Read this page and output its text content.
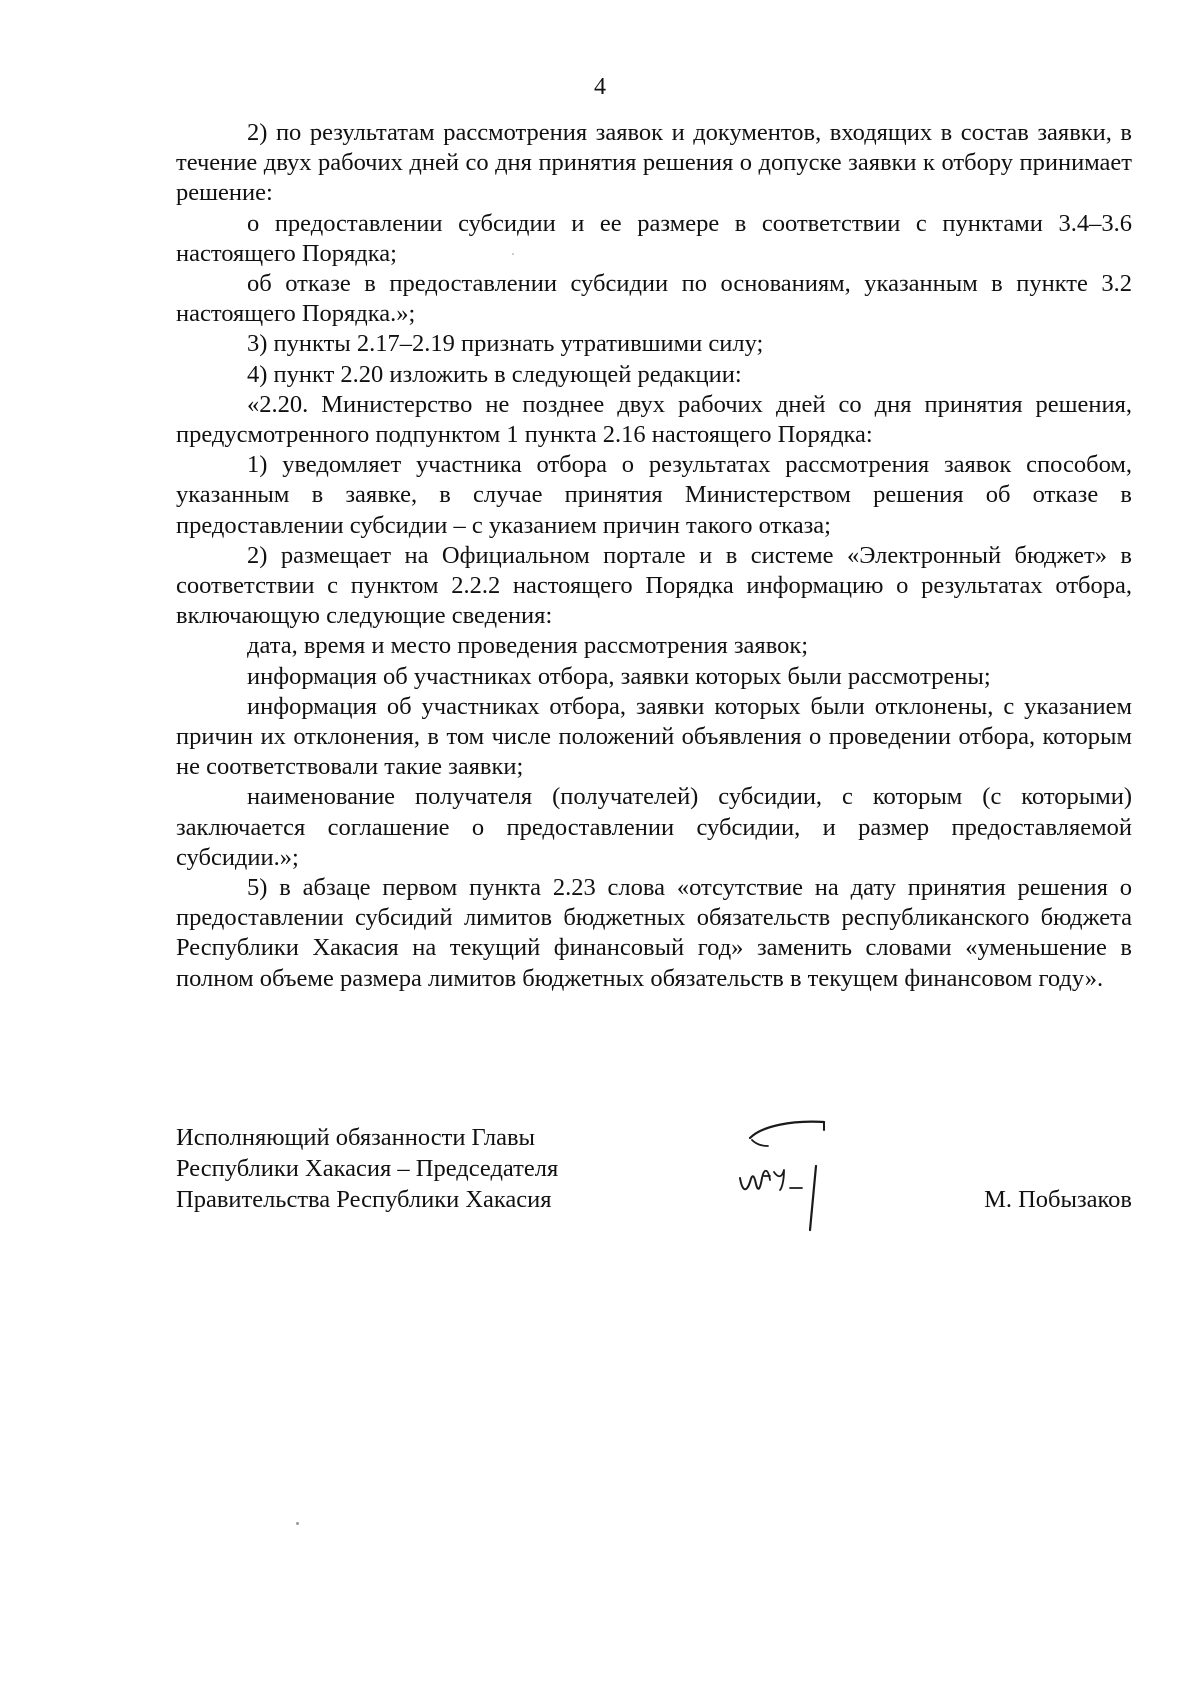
4

2) по результатам рассмотрения заявок и документов, входящих в состав заявки, в течение двух рабочих дней со дня принятия решения о допуске заявки к отбору принимает решение:

о предоставлении субсидии и ее размере в соответствии с пунктами 3.4–3.6 настоящего Порядка;

об отказе в предоставлении субсидии по основаниям, указанным в пункте 3.2 настоящего Порядка.»;

3) пункты 2.17–2.19 признать утратившими силу;

4) пункт 2.20 изложить в следующей редакции:

«2.20. Министерство не позднее двух рабочих дней со дня принятия решения, предусмотренного подпунктом 1 пункта 2.16 настоящего Порядка:

1) уведомляет участника отбора о результатах рассмотрения заявок способом, указанным в заявке, в случае принятия Министерством решения об отказе в предоставлении субсидии – с указанием причин такого отказа;

2) размещает на Официальном портале и в системе «Электронный бюджет» в соответствии с пунктом 2.2.2 настоящего Порядка информацию о результатах отбора, включающую следующие сведения:

дата, время и место проведения рассмотрения заявок;

информация об участниках отбора, заявки которых были рассмотрены;

информация об участниках отбора, заявки которых были отклонены, с указанием причин их отклонения, в том числе положений объявления о проведении отбора, которым не соответствовали такие заявки;

наименование получателя (получателей) субсидии, с которым (с которыми) заключается соглашение о предоставлении субсидии, и размер предоставляемой субсидии.»;

5) в абзаце первом пункта 2.23 слова «отсутствие на дату принятия решения о предоставлении субсидий лимитов бюджетных обязательств республиканского бюджета Республики Хакасия на текущий финансовый год» заменить словами «уменьшение в полном объеме размера лимитов бюджетных обязательств в текущем финансовом году».

Исполняющий обязанности Главы
Республики Хакасия – Председателя
Правительства Республики Хакасия	М. Побызаков
